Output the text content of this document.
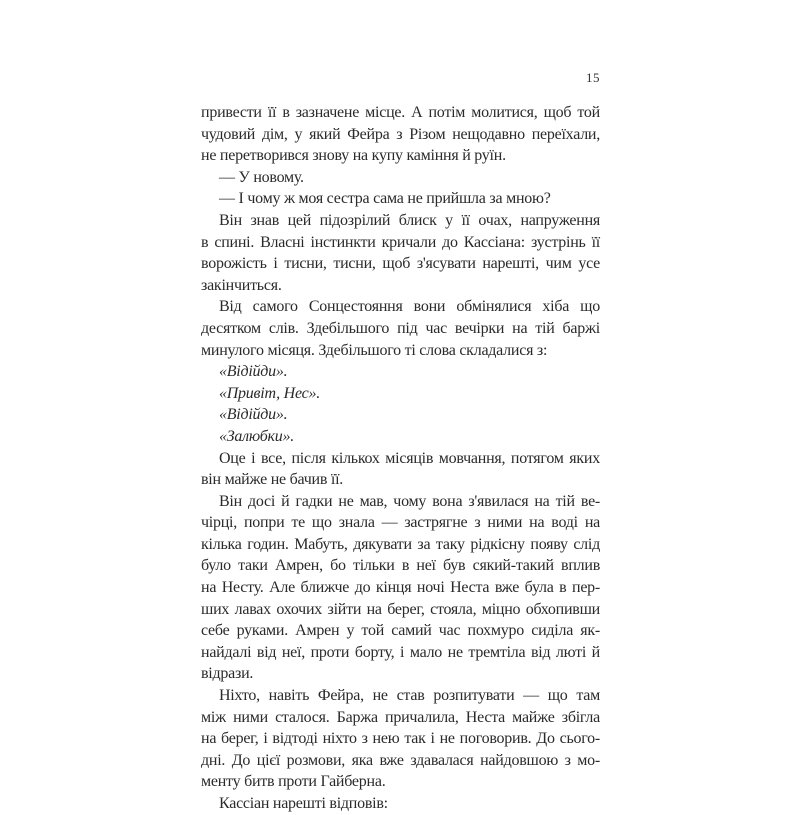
15
привести її в зазначене місце. А потім молитися, щоб той
чудовий дім, у який Фейра з Різом нещодавно переїхали,
не перетворився знову на купу каміння й руїн.
— У новому.
— І чому ж моя сестра сама не прийшла за мною?
Він знав цей підозрілий блиск у її очах, напруження
в спині. Власні інстинкти кричали до Кассіана: зустрінь її
ворожість і тисни, тисни, щоб з'ясувати нарешті, чим усе
закінчиться.
Від самого Сонцестояння вони обмінялися хіба що
десятком слів. Здебільшого під час вечірки на тій баржі
минулого місяця. Здебільшого ті слова складалися з:
«Відійди».
«Привіт, Нес».
«Відійди».
«Залюбки».
Оце і все, після кількох місяців мовчання, потягом яких
він майже не бачив її.
Він досі й гадки не мав, чому вона з'явилася на тій ве-
чірці, попри те що знала — застрягне з ними на воді на
кілька годин. Мабуть, дякувати за таку рідкісну появу слід
було таки Амрен, бо тільки в неї був сякий-такий вплив
на Несту. Але ближче до кінця ночі Неста вже була в пер-
ших лавах охочих зійти на берег, стояла, міцно обхопивши
себе руками. Амрен у той самий час похмуро сиділа як-
найдалі від неї, проти борту, і мало не тремтіла від люті й
відрази.
Ніхто, навіть Фейра, не став розпитувати — що там
між ними сталося. Баржа причалила, Неста майже збігла
на берег, і відтоді ніхто з нею так і не поговорив. До сього-
дні. До цієї розмови, яка вже здавалася найдовшою з мо-
менту битв проти Гайберна.
Кассіан нарешті відповів:
